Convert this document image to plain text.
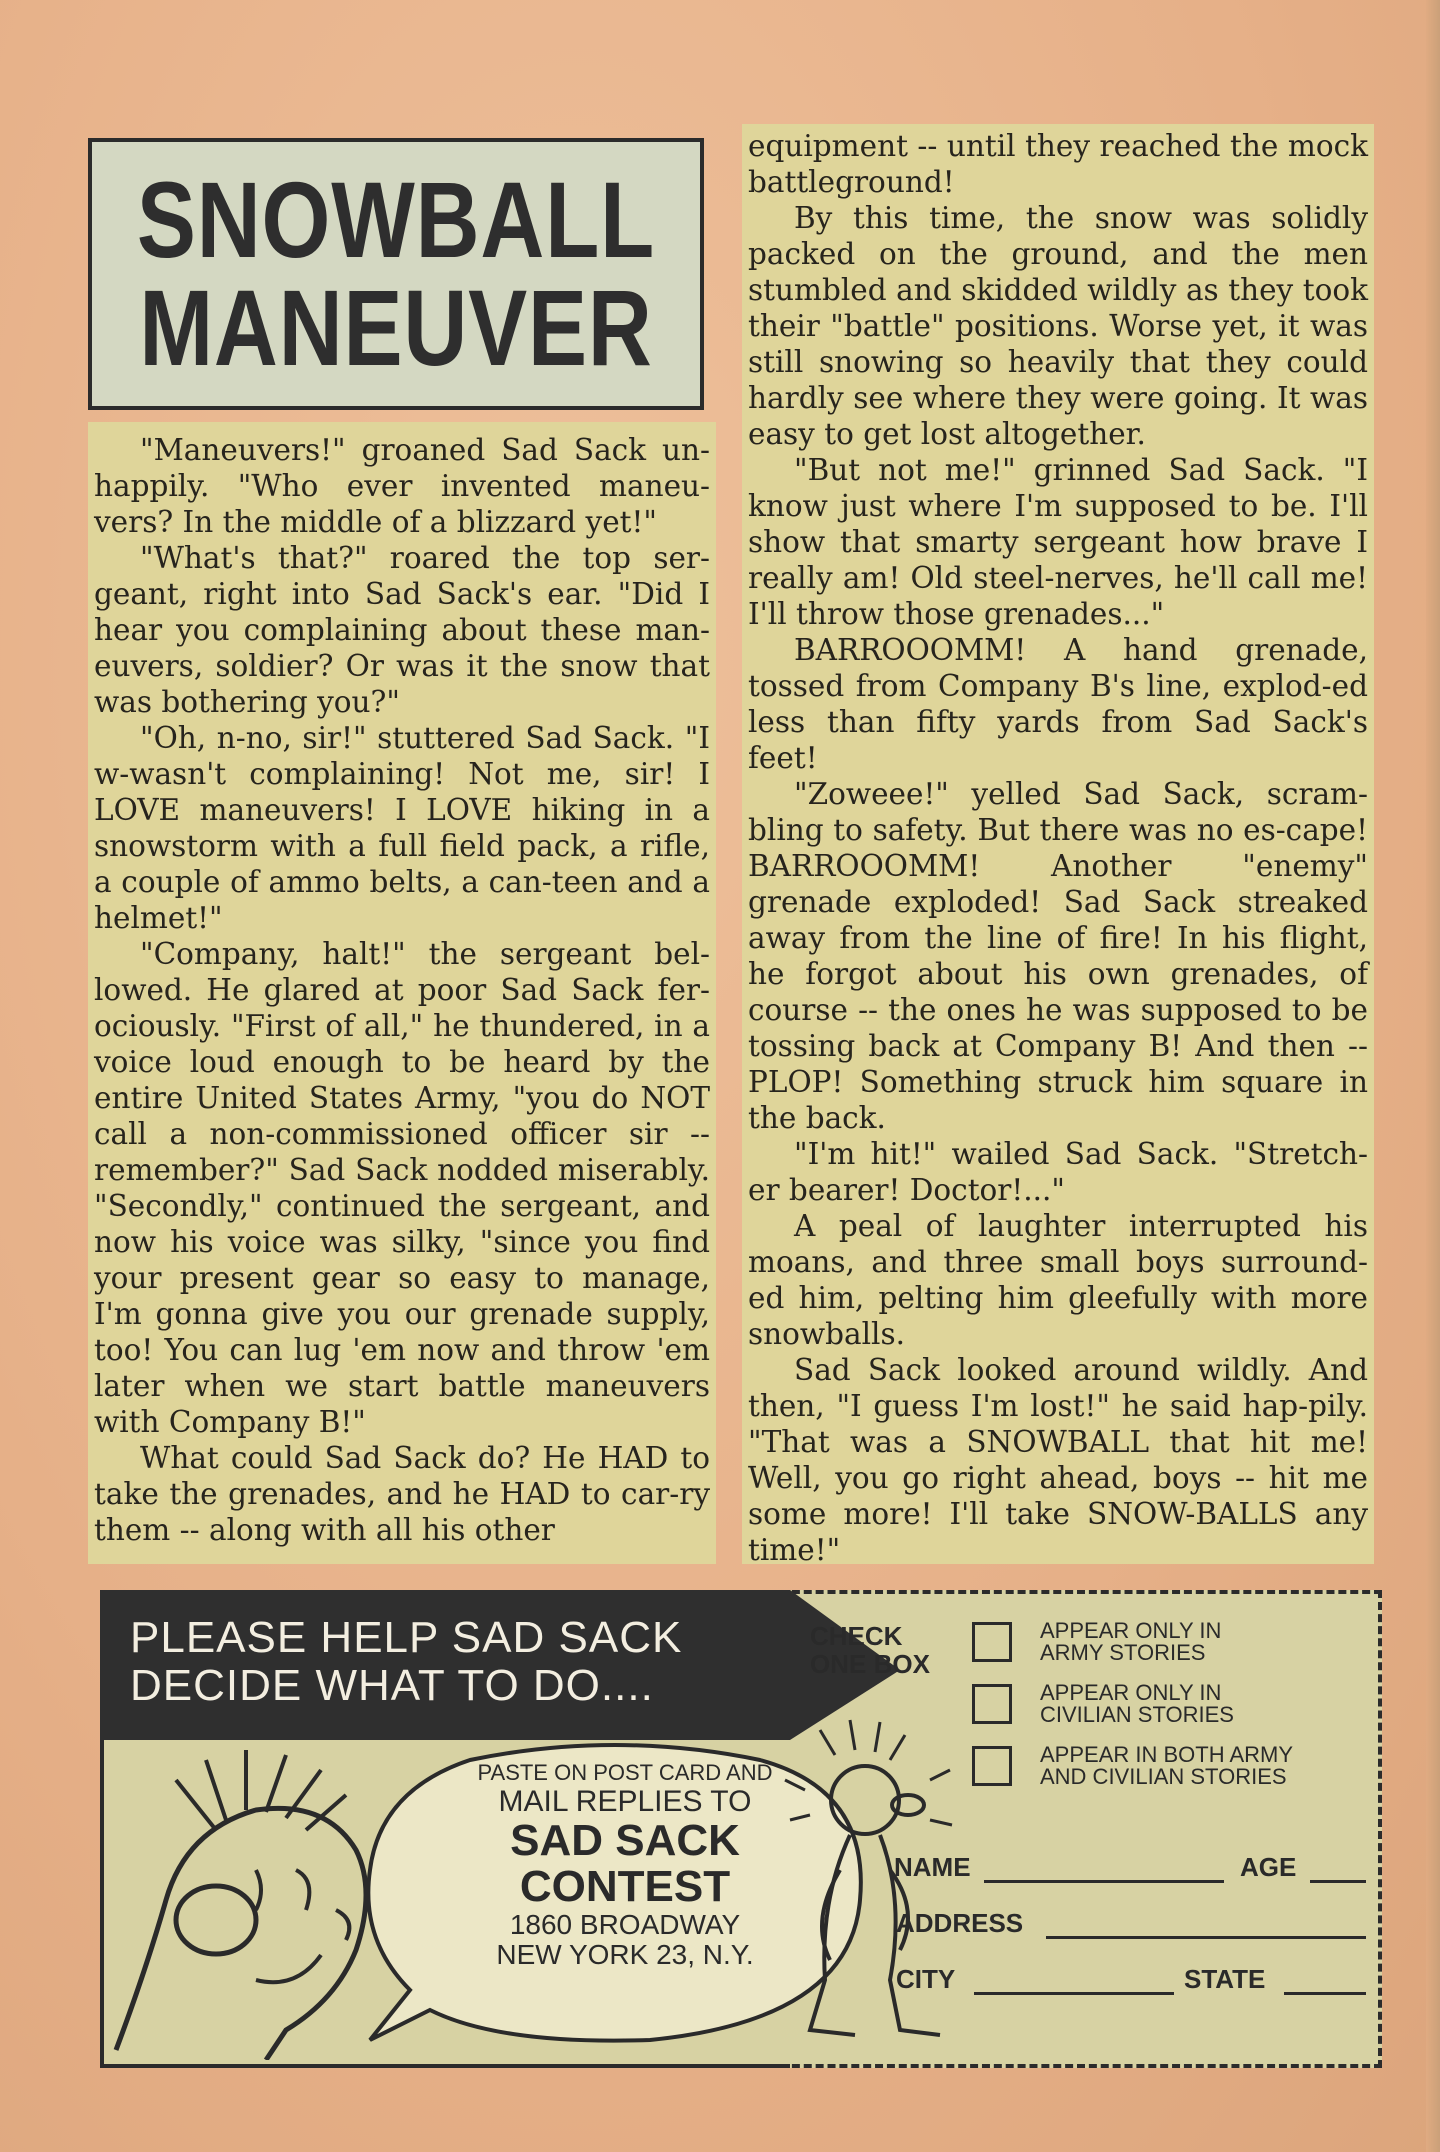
SNOWBALL
MANEUVER

"Maneuvers!" groaned Sad Sack un-happily. "Who ever invented maneu-vers? In the middle of a blizzard yet!"

"What's that?" roared the top ser-geant, right into Sad Sack's ear. "Did I hear you complaining about these man-euvers, soldier? Or was it the snow that was bothering you?"

"Oh, n-no, sir!" stuttered Sad Sack. "I w-wasn't complaining! Not me, sir! I LOVE maneuvers! I LOVE hiking in a snowstorm with a full field pack, a rifle, a couple of ammo belts, a can-teen and a helmet!"

"Company, halt!" the sergeant bel-lowed. He glared at poor Sad Sack fer-ociously. "First of all," he thundered, in a voice loud enough to be heard by the entire United States Army, "you do NOT call a non-commissioned officer sir -- remember?" Sad Sack nodded miserably. "Secondly," continued the sergeant, and now his voice was silky, "since you find your present gear so easy to manage, I'm gonna give you our grenade supply, too! You can lug 'em now and throw 'em later when we start battle maneuvers with Company B!"

What could Sad Sack do? He HAD to take the grenades, and he HAD to car-ry them -- along with all his other

equipment -- until they reached the mock battleground!

By this time, the snow was solidly packed on the ground, and the men stumbled and skidded wildly as they took their "battle" positions. Worse yet, it was still snowing so heavily that they could hardly see where they were going. It was easy to get lost altogether.

"But not me!" grinned Sad Sack. "I know just where I'm supposed to be. I'll show that smarty sergeant how brave I really am! Old steel-nerves, he'll call me! I'll throw those grenades..."

BARROOOMM! A hand grenade, tossed from Company B's line, explod-ed less than fifty yards from Sad Sack's feet!

"Zoweee!" yelled Sad Sack, scram-bling to safety. But there was no es-cape! BARROOOMM! Another "enemy" grenade exploded! Sad Sack streaked away from the line of fire! In his flight, he forgot about his own grenades, of course -- the ones he was supposed to be tossing back at Company B! And then -- PLOP! Something struck him square in the back.

"I'm hit!" wailed Sad Sack. "Stretch-er bearer! Doctor!..."

A peal of laughter interrupted his moans, and three small boys surround-ed him, pelting him gleefully with more snowballs.

Sad Sack looked around wildly. And then, "I guess I'm lost!" he said hap-pily. "That was a SNOWBALL that hit me! Well, you go right ahead, boys -- hit me some more! I'll take SNOW-BALLS any time!"

PLEASE HELP SAD SACK
DECIDE WHAT TO DO....
PASTE ON POST CARD AND
MAIL REPLIES TO
SAD SACK
CONTEST
1860 BROADWAY
NEW YORK 23, N.Y.
CHECK
ONE BOX
APPEAR ONLY IN
ARMY STORIES
APPEAR ONLY IN
CIVILIAN STORIES
APPEAR IN BOTH ARMY
AND CIVILIAN STORIES
NAME	AGE
ADDRESS
CITY	STATE
